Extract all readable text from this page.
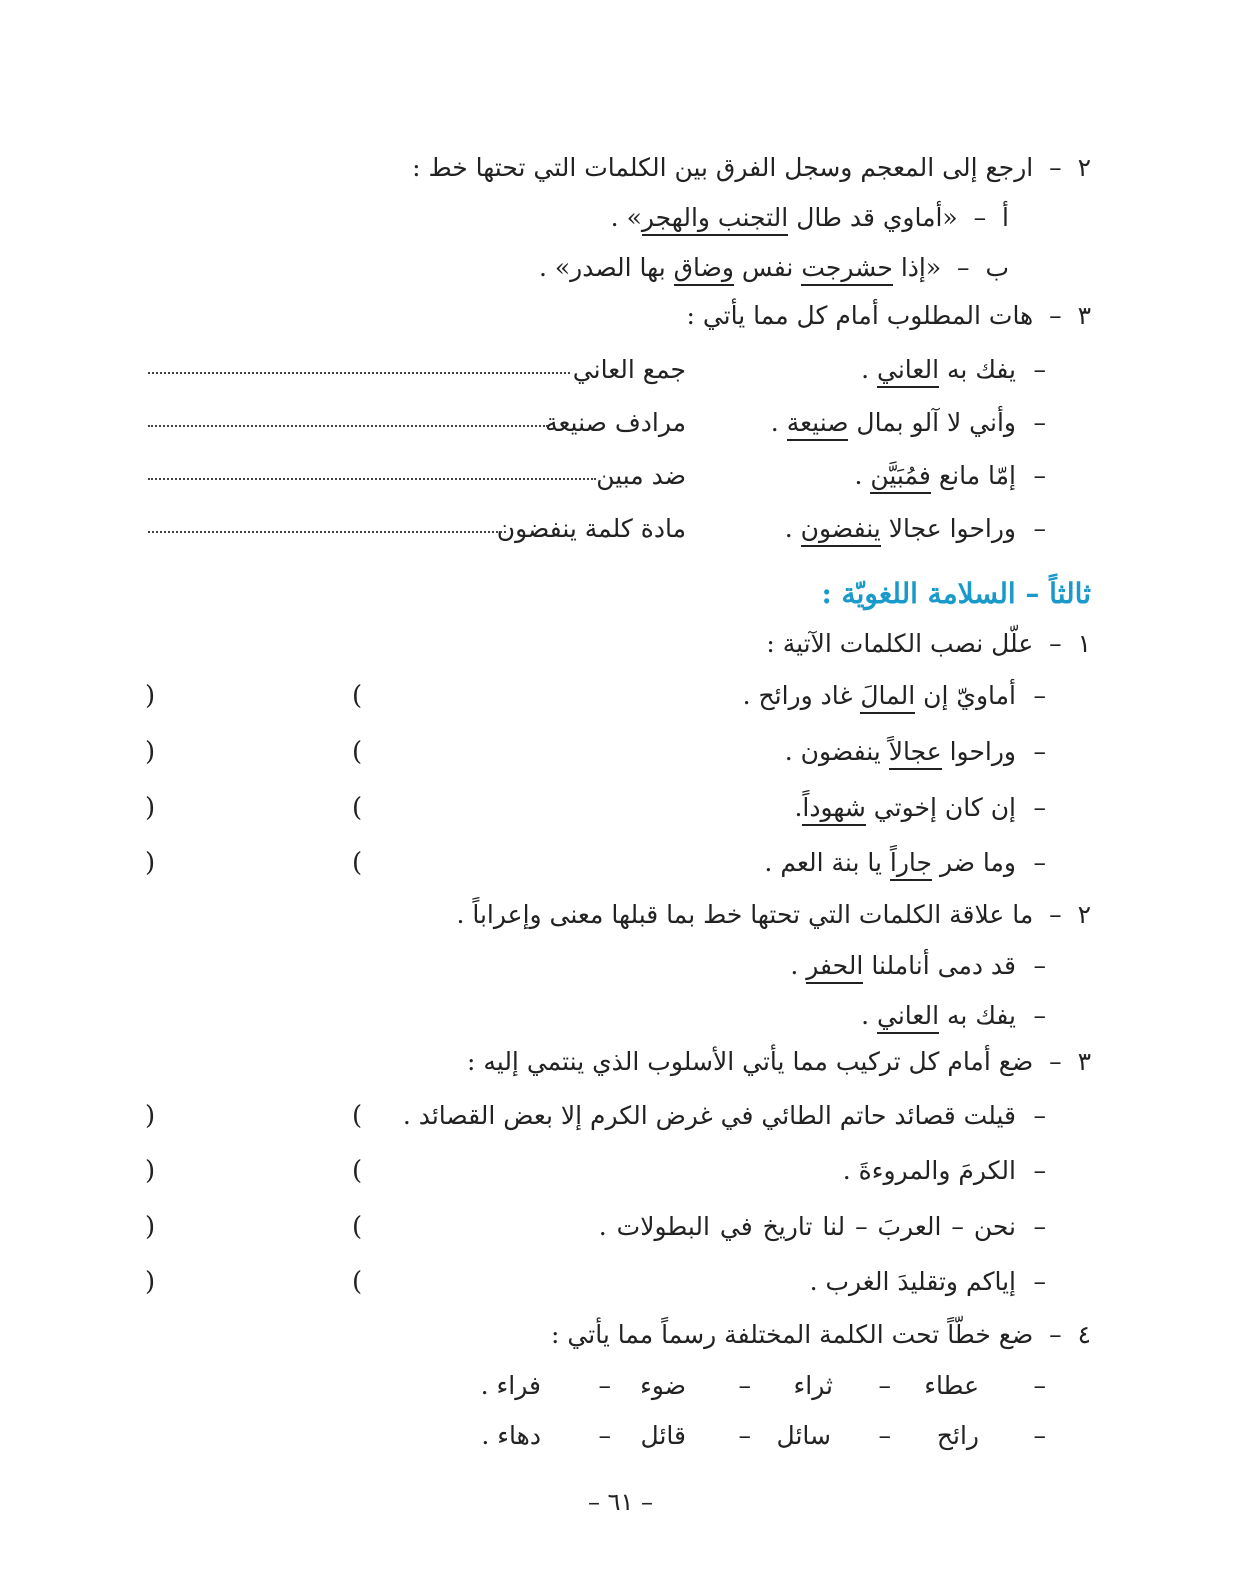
٢  –  ارجع إلى المعجم وسجل الفرق بين الكلمات التي تحتها خط :
أ  –  «أماوي قد طال التجنب والهجر» .
ب  –  «إذا حشرجت نفس وضاق بها الصدر» .
٣  –  هات المطلوب أمام كل مما يأتي :
–
يفك به العاني .
جمع العاني
–
وأني لا آلو بمال صنيعة .
مرادف صنيعة
–
إمّا مانع فمُبَيَّن .
ضد مبين
–
وراحوا عجالا ينفضون .
مادة كلمة ينفضون
ثالثاً – السلامة اللغويّة :
١  –  علّل نصب الكلمات الآتية :
–
أماويّ إن المالَ غاد ورائح .
)
(
–
وراحوا عجالاً ينفضون .
)
(
–
إن كان إخوتي شهوداً.
)
(
–
وما ضر جاراً يا بنة العم .
)
(
٢  –  ما علاقة الكلمات التي تحتها خط بما قبلها معنى وإعراباً .
–
قد دمى أناملنا الحفر .
–
يفك به العاني .
٣  –  ضع أمام كل تركيب مما يأتي الأسلوب الذي ينتمي إليه :
–
قيلت قصائد حاتم الطائي في غرض الكرم إلا بعض القصائد .
)
(
–
الكرمَ والمروءةَ .
)
(
–
نحن – العربَ – لنا تاريخ في البطولات .
)
(
–
إياكم وتقليدَ الغرب .
)
(
٤  –  ضع خطّاً تحت الكلمة المختلفة رسماً مما يأتي :
–
عطاء
–
ثراء
–
ضوء
–
فراء .
–
رائح
–
سائل
–
قائل
–
دهاء .
– ٦١ –
